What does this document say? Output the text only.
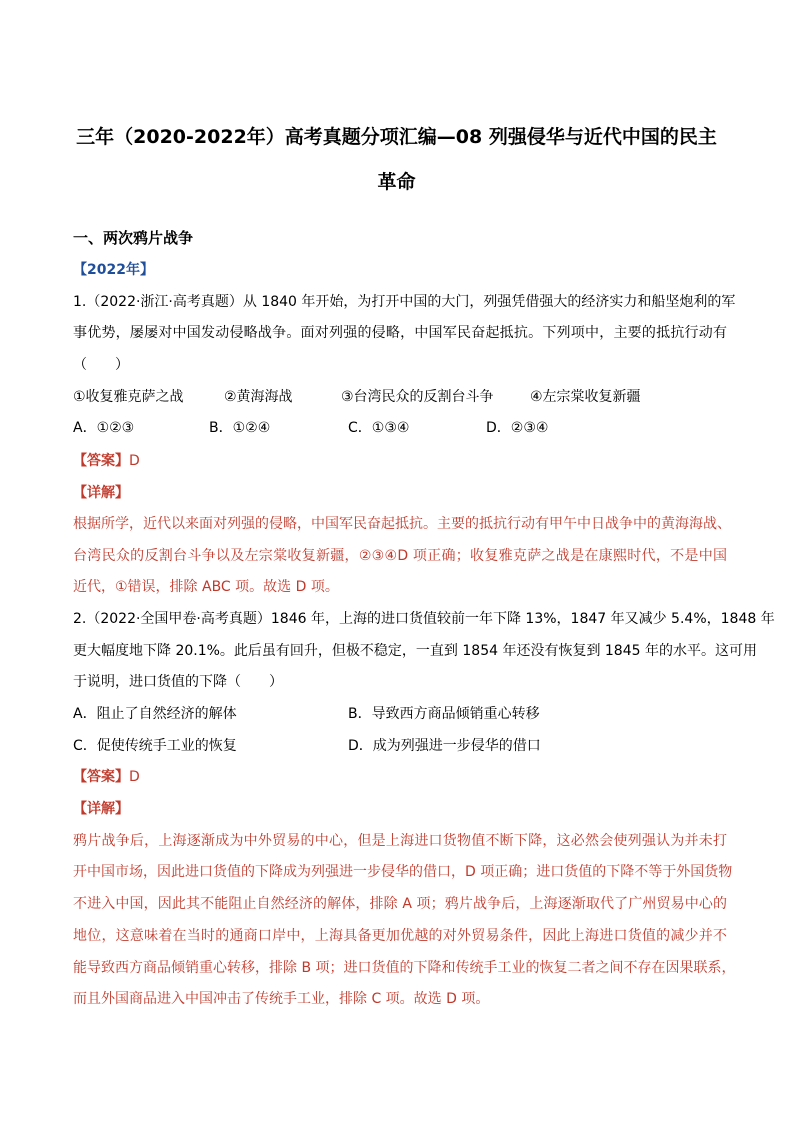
三年（2020-2022年）高考真题分项汇编—08 列强侵华与近代中国的民主
革命
一、两次鸦片战争
【2022年】
1.（2022·浙江·高考真题）从 1840 年开始，为打开中国的大门，列强凭借强大的经济实力和船坚炮利的军
事优势，屡屡对中国发动侵略战争。面对列强的侵略，中国军民奋起抵抗。下列项中，主要的抵抗行动有
（　　）
①收复雅克萨之战	②黄海海战	③台湾民众的反割台斗争	④左宗棠收复新疆
A．①②③	B．①②④	C．①③④	D．②③④
【答案】D
【详解】
根据所学，近代以来面对列强的侵略，中国军民奋起抵抗。主要的抵抗行动有甲午中日战争中的黄海海战、
台湾民众的反割台斗争以及左宗棠收复新疆，②③④D 项正确；收复雅克萨之战是在康熙时代，不是中国
近代，①错误，排除 ABC 项。故选 D 项。
2.（2022·全国甲卷·高考真题）1846 年，上海的进口货值较前一年下降 13%，1847 年又减少 5.4%，1848 年
更大幅度地下降 20.1%。此后虽有回升，但极不稳定，一直到 1854 年还没有恢复到 1845 年的水平。这可用
于说明，进口货值的下降（　　）
A．阻止了自然经济的解体	B．导致西方商品倾销重心转移
C．促使传统手工业的恢复	D．成为列强进一步侵华的借口
【答案】D
【详解】
鸦片战争后，上海逐渐成为中外贸易的中心，但是上海进口货物值不断下降，这必然会使列强认为并未打
开中国市场，因此进口货值的下降成为列强进一步侵华的借口，D 项正确；进口货值的下降不等于外国货物
不进入中国，因此其不能阻止自然经济的解体，排除 A 项；鸦片战争后，上海逐渐取代了广州贸易中心的
地位，这意味着在当时的通商口岸中，上海具备更加优越的对外贸易条件，因此上海进口货值的减少并不
能导致西方商品倾销重心转移，排除 B 项；进口货值的下降和传统手工业的恢复二者之间不存在因果联系，
而且外国商品进入中国冲击了传统手工业，排除 C 项。故选 D 项。
